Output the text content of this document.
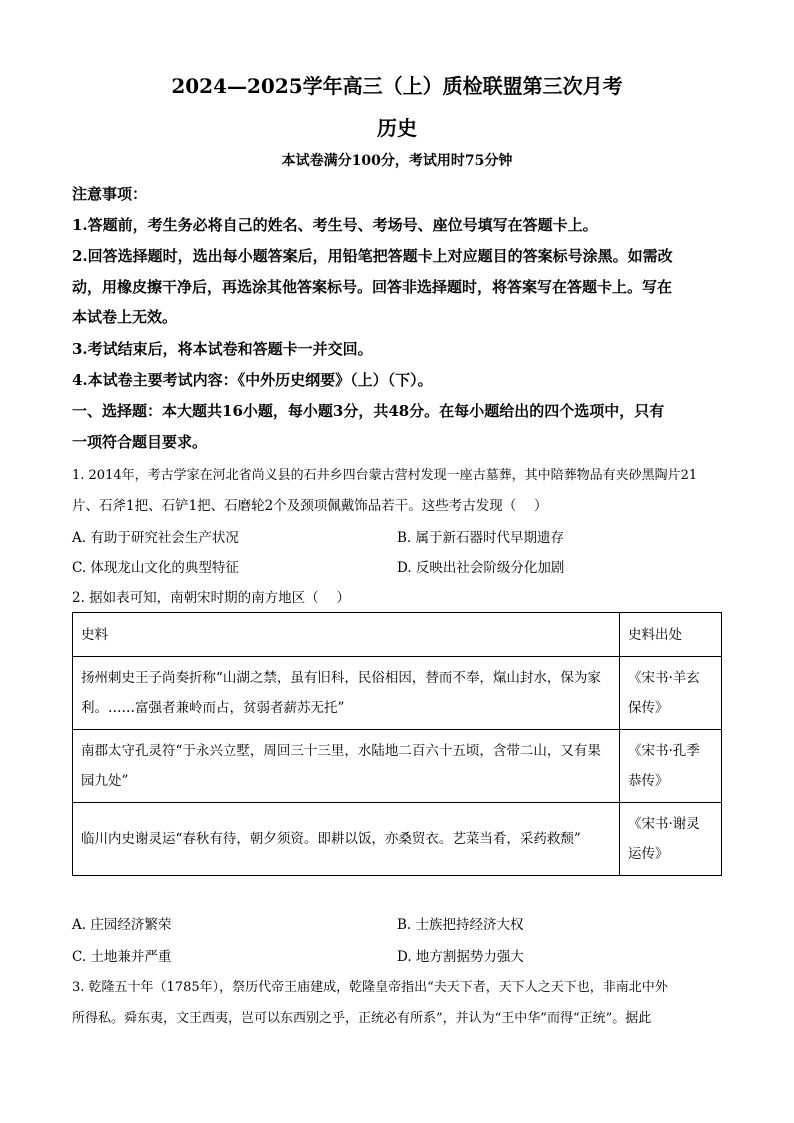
2024—2025学年高三（上）质检联盟第三次月考
历史
本试卷满分100分，考试用时75分钟
注意事项：
1.答题前，考生务必将自己的姓名、考生号、考场号、座位号填写在答题卡上。
2.回答选择题时，选出每小题答案后，用铅笔把答题卡上对应题目的答案标号涂黑。如需改
动，用橡皮擦干净后，再选涂其他答案标号。回答非选择题时，将答案写在答题卡上。写在
本试卷上无效。
3.考试结束后，将本试卷和答题卡一并交回。
4.本试卷主要考试内容：《中外历史纲要》（上）（下）。
一、选择题：本大题共16小题，每小题3分，共48分。在每小题给出的四个选项中，只有
一项符合题目要求。
1. 2014年，考古学家在河北省尚义县的石井乡四台蒙古营村发现一座古墓葬，其中陪葬物品有夹砂黑陶片21
片、石斧1把、石铲1把、石磨轮2个及颈项佩戴饰品若干。这些考古发现（　 ）
A. 有助于研究社会生产状况	B. 属于新石器时代早期遗存
C. 体现龙山文化的典型特征	D. 反映出社会阶级分化加剧
2. 据如表可知，南朝宋时期的南方地区（　 ）
史料	史料出处
扬州刺史王子尚奏折称“山湖之禁，虽有旧科，民俗相因，替而不奉，熂山封水，保为家利。……富强者兼岭而占，贫弱者薪苏无托”	《宋书·羊玄保传》
南郡太守孔灵符“于永兴立墅，周回三十三里，水陆地二百六十五顷，含带二山，又有果园九处”	《宋书·孔季恭传》
临川内史谢灵运“春秋有待，朝夕须资。即耕以饭，亦桑贸衣。艺菜当肴，采药救颓”	《宋书·谢灵运传》
A. 庄园经济繁荣	B. 士族把持经济大权
C. 土地兼并严重	D. 地方割据势力强大
3. 乾隆五十年（1785年），祭历代帝王庙建成，乾隆皇帝指出“夫天下者，天下人之天下也，非南北中外
所得私。舜东夷，文王西夷，岂可以东西别之乎，正统必有所系”，并认为“王中华”而得“正统”。据此
